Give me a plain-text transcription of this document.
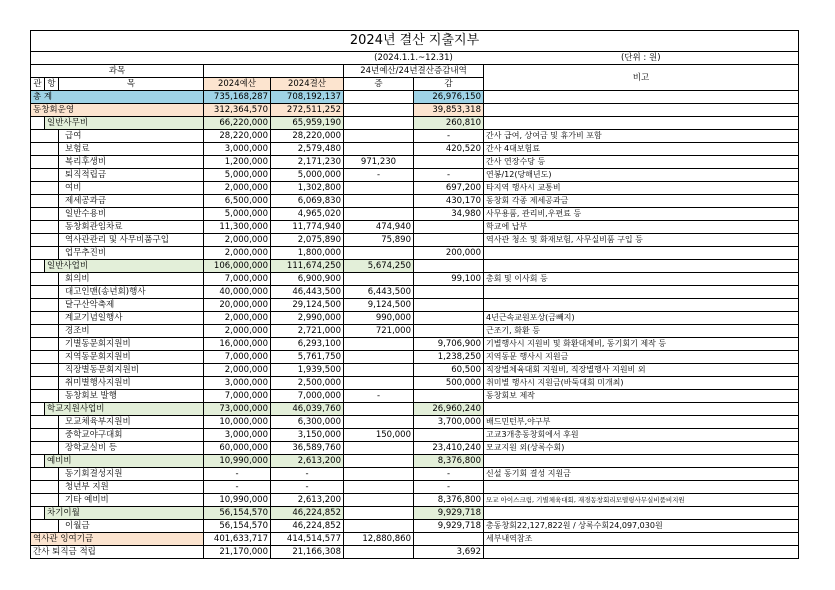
2024년 결산 지출지부							
					(2024.1.1.~12.31)		(단위 : 원)
과목					24년예산/24년결산증감내역		비고
관	항	목	2024예산	2024결산	증	감	
총 계			735,168,287	708,192,137		26,976,150	
동창회운영			312,364,570	272,511,252		39,853,318	
	일반사무비		66,220,000	65,959,190		260,810	
		급여	28,220,000	28,220,000		-	간사 급여, 상여금 및 휴가비 포함
		보험료	3,000,000	2,579,480		420,520	간사 4대보험료
		복리후생비	1,200,000	2,171,230	971,230		간사 연장수당 등
		퇴직적립금	5,000,000	5,000,000	-	-	연봉/12(당해년도)
		여비	2,000,000	1,302,800		697,200	타지역 행사시 교통비
		제세공과금	6,500,000	6,069,830		430,170	동창회 각종 제세공과금
		일반수용비	5,000,000	4,965,020		34,980	사무용품, 관리비,우편료 등
		동창회관임차료	11,300,000	11,774,940	474,940		학교에 납부
		역사관관리 및 사무비품구입	2,000,000	2,075,890	75,890		역사관 청소 및 화재보험, 사무실비품 구입 등
		업무추진비	2,000,000	1,800,000		200,000	
	일반사업비		106,000,000	111,674,250	5,674,250		
		회의비	7,000,000	6,900,900		99,100	총회 및 이사회 등
		대고인맨(송년회)행사	40,000,000	46,443,500	6,443,500		
		달구산악축제	20,000,000	29,124,500	9,124,500		
		계교기념일행사	2,000,000	2,990,000	990,000		4년근속교원포상(금빼지)
		경조비	2,000,000	2,721,000	721,000		근조기, 화환 등
		기별동문회지원비	16,000,000	6,293,100		9,706,900	기별행사시 지원비 및 화환대체비, 동기회기 제작 등
		지역동문회지원비	7,000,000	5,761,750		1,238,250	지역동문 행사시 지원금
		직장별동문회지원비	2,000,000	1,939,500		60,500	직장별체육대회 지원비, 직장별행사 지원비 외
		취미별행사지원비	3,000,000	2,500,000		500,000	취미별 행사시 지원금(바둑대회 미개최)
		동창회보 발행	7,000,000	7,000,000	-		동창회보 제작
	학교지원사업비		73,000,000	46,039,760		26,960,240	
		모교체육부지원비	10,000,000	6,300,000		3,700,000	배드민턴부,야구부
		중학교야구대회	3,000,000	3,150,000	150,000		고교3개총동창회에서 후원
		장학교실비 등	60,000,000	36,589,760		23,410,240	모교지원 외(상록수회)
	예비비		10,990,000	2,613,200		8,376,800	
		동기회결성지원	-	-		-	신설 동기회 결성 지원금
		청년부 지원	-	-		-	
		기타 예비비	10,990,000	2,613,200		8,376,800	모교 아이스크림, 기별체육대회, 재경동창회리모델링사무실비품비지원
	차기이월		56,154,570	46,224,852		9,929,718	
		이월금	56,154,570	46,224,852		9,929,718	총동창회22,127,822원 / 상록수회24,097,030원
역사관 잉여기금			401,633,717	414,514,577	12,880,860		세부내역참조
간사 퇴직금 적립			21,170,000	21,166,308		3,692	
